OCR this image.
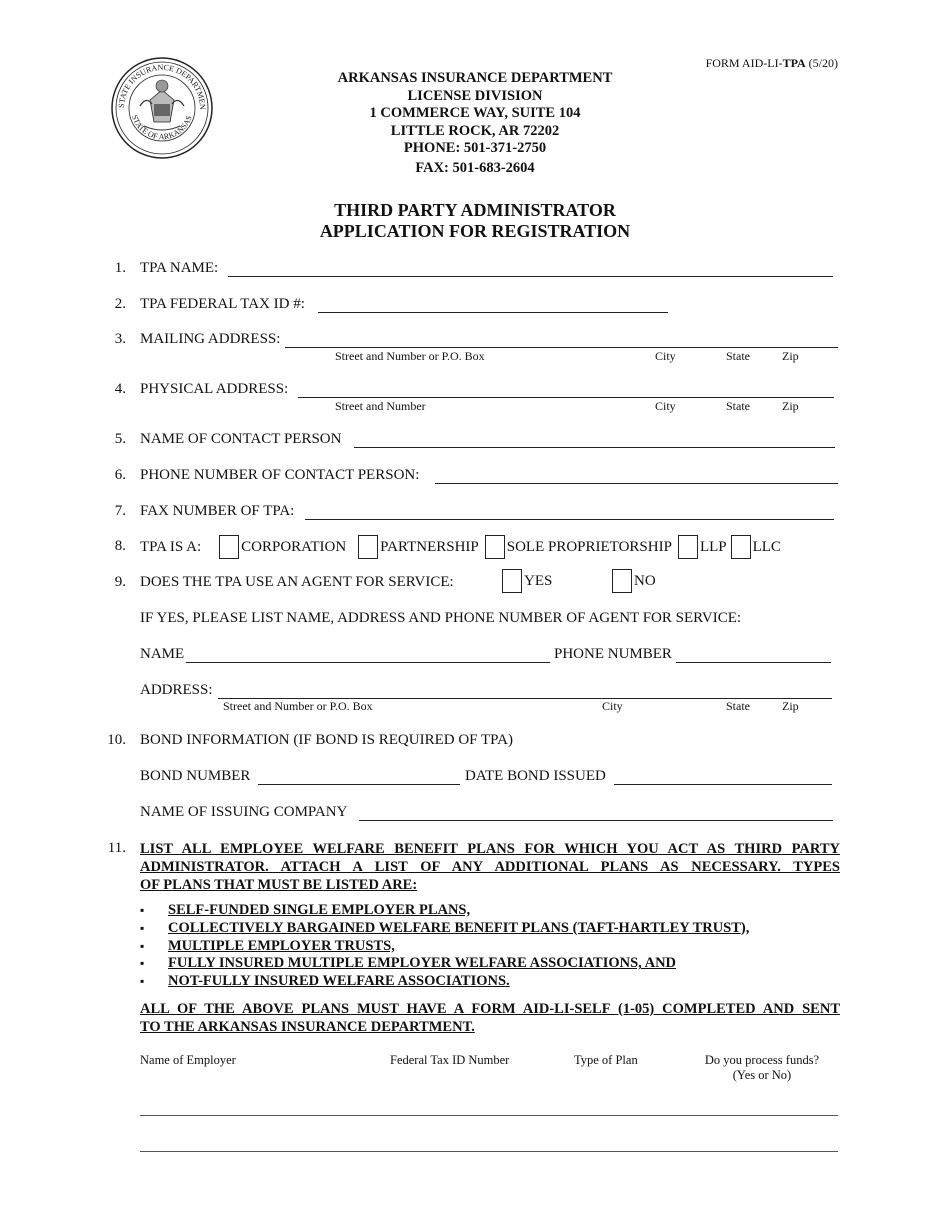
FORM AID-LI-TPA (5/20)
STATE INSURANCE DEPARTMEN
STATE OF ARKANSAS
ARKANSAS INSURANCE DEPARTMENT
LICENSE DIVISION
1 COMMERCE WAY, SUITE 104
LITTLE ROCK, AR 72202
PHONE: 501-371-2750
FAX: 501-683-2604
THIRD PARTY ADMINISTRATOR
APPLICATION FOR REGISTRATION
1. TPA NAME:
2. TPA FEDERAL TAX ID #:
3. MAILING ADDRESS:
Street and Number or P.O. Box	City	State	Zip
4. PHYSICAL ADDRESS:
Street and Number	City	State	Zip
5. NAME OF CONTACT PERSON
6. PHONE NUMBER OF CONTACT PERSON:
7. FAX NUMBER OF TPA:
8. TPA IS A:	CORPORATION PARTNERSHIP SOLE PROPRIETORSHIP LLP LLC
9. DOES THE TPA USE AN AGENT FOR SERVICE:	YES	NO
IF YES, PLEASE LIST NAME, ADDRESS AND PHONE NUMBER OF AGENT FOR SERVICE:
NAME	PHONE NUMBER
ADDRESS:
Street and Number or P.O. Box	City	State	Zip
10. BOND INFORMATION (IF BOND IS REQUIRED OF TPA)
BOND NUMBER	DATE BOND ISSUED
NAME OF ISSUING COMPANY
11. LIST ALL EMPLOYEE WELFARE BENEFIT PLANS FOR WHICH YOU ACT AS THIRD PARTY
ADMINISTRATOR. ATTACH A LIST OF ANY ADDITIONAL PLANS AS NECESSARY. TYPES
OF PLANS THAT MUST BE LISTED ARE:
▪ SELF-FUNDED SINGLE EMPLOYER PLANS,
▪ COLLECTIVELY BARGAINED WELFARE BENEFIT PLANS (TAFT-HARTLEY TRUST),
▪ MULTIPLE EMPLOYER TRUSTS,
▪ FULLY INSURED MULTIPLE EMPLOYER WELFARE ASSOCIATIONS, AND
▪ NOT-FULLY INSURED WELFARE ASSOCIATIONS.
ALL OF THE ABOVE PLANS MUST HAVE A FORM AID-LI-SELF (1-05) COMPLETED AND SENT
TO THE ARKANSAS INSURANCE DEPARTMENT.
Name of Employer	Federal Tax ID Number	Type of Plan	Do you process funds?
(Yes or No)
